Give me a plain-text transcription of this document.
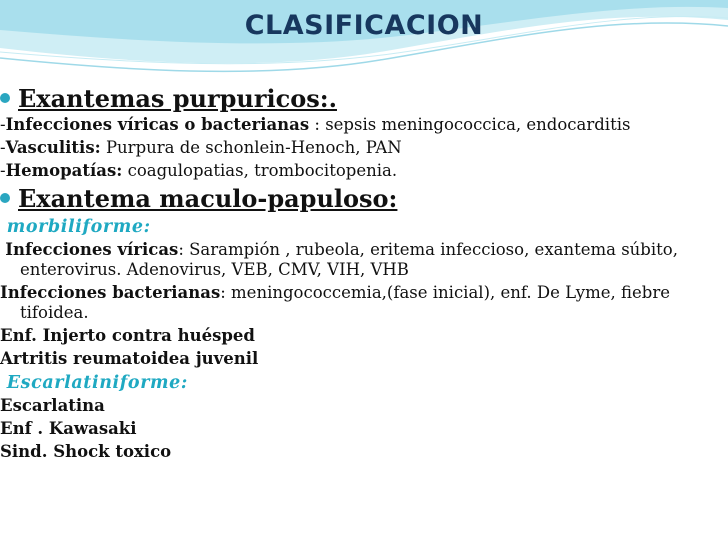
CLASIFICACION
Exantemas purpuricos:.
-Infecciones víricas o bacterianas : sepsis meningococcica, endocarditis
-Vasculitis: Purpura de schonlein-Henoch, PAN
-Hemopatías: coagulopatias, trombocitopenia.
Exantema maculo-papuloso:
morbiliforme:
Infecciones víricas: Sarampión , rubeola, eritema infeccioso, exantema súbito, enterovirus. Adenovirus, VEB, CMV, VIH, VHB
Infecciones bacterianas: meningococcemia,(fase inicial), enf. De Lyme, fiebre tifoidea.
Enf. Injerto contra huésped
Artritis reumatoidea juvenil
Escarlatiniforme:
Escarlatina
Enf . Kawasaki
Sind. Shock toxico
